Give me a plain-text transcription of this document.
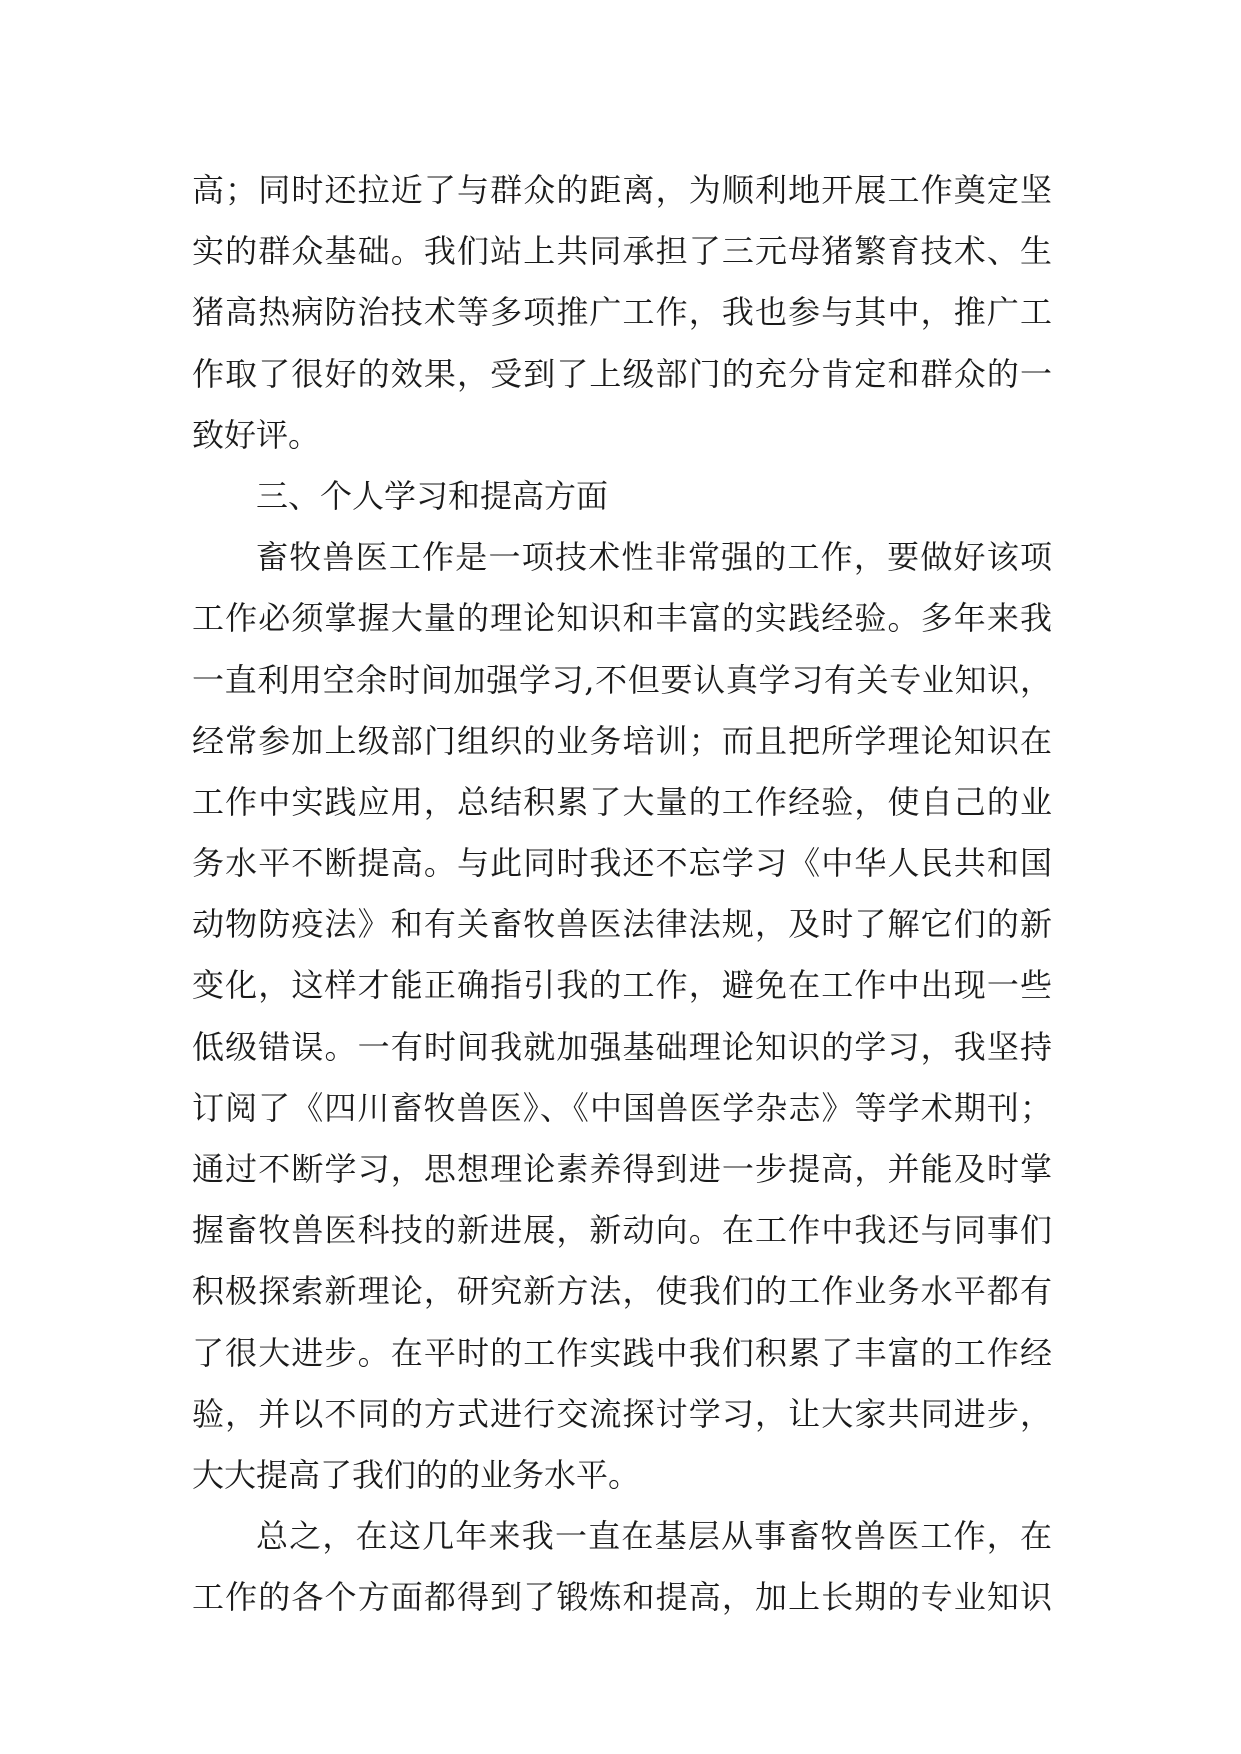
高；同时还拉近了与群众的距离，为顺利地开展工作奠定坚
实的群众基础。我们站上共同承担了三元母猪繁育技术、生
猪高热病防治技术等多项推广工作，我也参与其中，推广工
作取了很好的效果，受到了上级部门的充分肯定和群众的一
致好评。
三、个人学习和提高方面
畜牧兽医工作是一项技术性非常强的工作，要做好该项
工作必须掌握大量的理论知识和丰富的实践经验。多年来我
一直利用空余时间加强学习,不但要认真学习有关专业知识，
经常参加上级部门组织的业务培训；而且把所学理论知识在
工作中实践应用，总结积累了大量的工作经验，使自己的业
务水平不断提高。与此同时我还不忘学习《中华人民共和国
动物防疫法》和有关畜牧兽医法律法规，及时了解它们的新
变化，这样才能正确指引我的工作，避免在工作中出现一些
低级错误。一有时间我就加强基础理论知识的学习，我坚持
订阅了《四川畜牧兽医》、《中国兽医学杂志》等学术期刊；
通过不断学习，思想理论素养得到进一步提高，并能及时掌
握畜牧兽医科技的新进展，新动向。在工作中我还与同事们
积极探索新理论，研究新方法，使我们的工作业务水平都有
了很大进步。在平时的工作实践中我们积累了丰富的工作经
验，并以不同的方式进行交流探讨学习，让大家共同进步，
大大提高了我们的的业务水平。
总之，在这几年来我一直在基层从事畜牧兽医工作，在
工作的各个方面都得到了锻炼和提高，加上长期的专业知识
